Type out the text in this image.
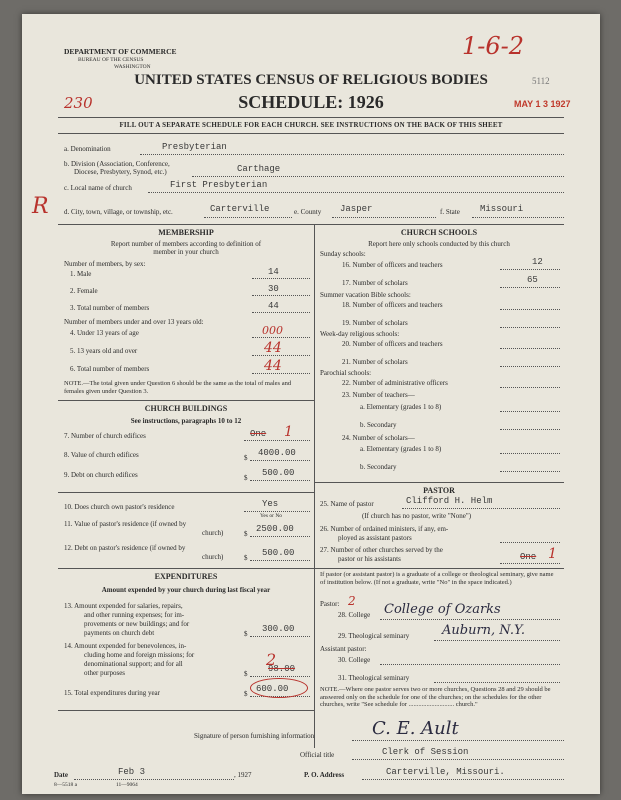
DEPARTMENT OF COMMERCE
BUREAU OF THE CENSUS
WASHINGTON
1-6-2
UNITED STATES CENSUS OF RELIGIOUS BODIES	5112
230	SCHEDULE: 1926	MAY 1 3 1927
FILL OUT A SEPARATE SCHEDULE FOR EACH CHURCH. SEE INSTRUCTIONS ON THE BACK OF THIS SHEET
a. Denomination	Presbyterian
b. Division (Association, Conference,
Diocese, Presbytery, Synod, etc.)	Carthage
R
c. Local name of church	First Presbyterian
d. City, town, village, or township, etc.	Carterville	e. County Jasper	f. State Missouri
MEMBERSHIP
Report number of members according to definition of
member in your church
Number of members, by sex:
1. Male	14
2. Female	30
3. Total number of members	44
Number of members under and over 13 years old:
4. Under 13 years of age	000
5. 13 years old and over	44
6. Total number of members	44
NOTE.—The total given under Question 6 should be the same as the total of males and females given under Question 3.
CHURCH BUILDINGS
See instructions, paragraphs 10 to 12
7. Number of church edifices	One 1
8. Value of church edifices	$ 4000.00
9. Debt on church edifices	$ 500.00
10. Does church own pastor's residence	Yes
Yes or No
11. Value of pastor's residence (if owned by
church)	$ 2500.00
12. Debt on pastor's residence (if owned by
church)	$ 500.00
EXPENDITURES
Amount expended by your church during last fiscal year
13. Amount expended for salaries, repairs,
and other running expenses; for im-
provements or new buildings; and for
payments on church debt	$ 300.00
14. Amount expended for benevolences, in-
cluding home and foreign missions; for
denominational support; and for all
other purposes
2
$ 98.00
15. Total expenditures during year	$ 600.00
CHURCH SCHOOLS
Report here only schools conducted by this church
Sunday schools:
16. Number of officers and teachers	12
17. Number of scholars	65
Summer vacation Bible schools:
18. Number of officers and teachers
19. Number of scholars
Week-day religious schools:
20. Number of officers and teachers
21. Number of scholars
Parochial schools:
22. Number of administrative officers
23. Number of teachers—
a. Elementary (grades 1 to 8)
b. Secondary
24. Number of scholars—
a. Elementary (grades 1 to 8)
b. Secondary
PASTOR
25. Name of pastor	Clifford H. Helm
(If church has no pastor, write "None")
26. Number of ordained ministers, if any, em-
ployed as assistant pastors
27. Number of other churches served by the
pastor or his assistants	One 1
If pastor (or assistant pastor) is a graduate of a college or theological seminary, give name of institution below. (If not a graduate, write "No" in the space indicated.)
Pastor: 2
28. College College of Ozarks
29. Theological seminary	Auburn, N.Y.
Assistant pastor:
30. College
31. Theological seminary
NOTE.—Where one pastor serves two or more churches, Questions 28 and 29 should be answered only on the schedule for one of the churches; on the schedules for the other churches, write "See schedule for ............................ church."
Signature of person furnishing information	C. E. Ault
Official title	Clerk of Session
Date	Feb 3	, 1927
8—5518 a	11—9064
P. O. Address	Carterville, Missouri.
